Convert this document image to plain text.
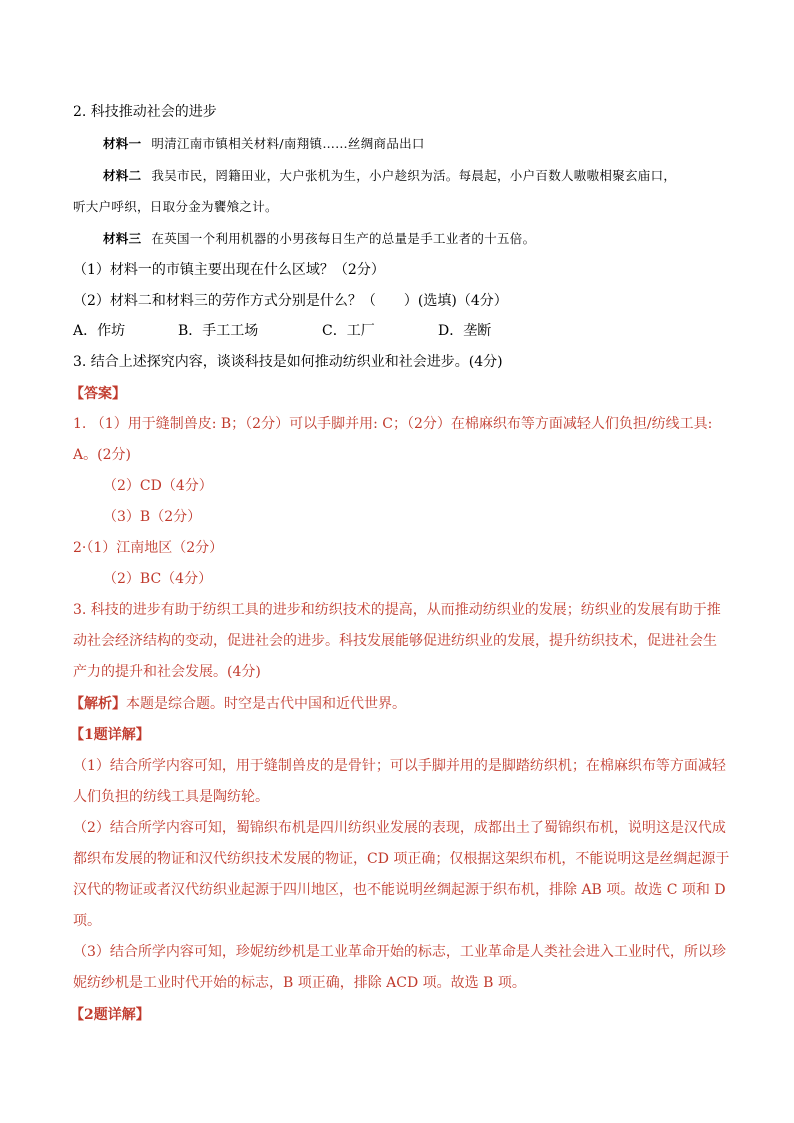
2. 科技推动社会的进步
材料一 明清江南市镇相关材料/南翔镇……丝绸商品出口
材料二 我吴市民，罔籍田业，大户张机为生，小户趁织为活。每晨起，小户百数人嗷嗷相聚玄庙口，
听大户呼织，日取分金为饔飧之计。
材料三 在英国一个利用机器的小男孩每日生产的总量是手工业者的十五倍。
（1）材料一的市镇主要出现在什么区域？（2分）
（2）材料二和材料三的劳作方式分别是什么？（　　）(选填)（4分）
A．作坊	B．手工工场	C．工厂	D．垄断
3. 结合上述探究内容，谈谈科技是如何推动纺织业和社会进步。(4分)
【答案】
1. （1）用于缝制兽皮: B；（2分）可以手脚并用: C；（2分）在棉麻织布等方面减轻人们负担/纺线工具:
A。(2分)
（2）CD（4分）
（3）B（2分）
2·（1）江南地区（2分）
（2）BC（4分）
3. 科技的进步有助于纺织工具的进步和纺织技术的提高，从而推动纺织业的发展；纺织业的发展有助于推
动社会经济结构的变动，促进社会的进步。科技发展能够促进纺织业的发展，提升纺织技术，促进社会生
产力的提升和社会发展。(4分)
【解析】本题是综合题。时空是古代中国和近代世界。
【1题详解】
（1）结合所学内容可知，用于缝制兽皮的是骨针；可以手脚并用的是脚踏纺织机；在棉麻织布等方面减轻
人们负担的纺线工具是陶纺轮。
（2）结合所学内容可知，蜀锦织布机是四川纺织业发展的表现，成都出土了蜀锦织布机，说明这是汉代成
都织布发展的物证和汉代纺织技术发展的物证，CD 项正确；仅根据这架织布机，不能说明这是丝绸起源于
汉代的物证或者汉代纺织业起源于四川地区，也不能说明丝绸起源于织布机，排除 AB 项。故选 C 项和 D
项。
（3）结合所学内容可知，珍妮纺纱机是工业革命开始的标志，工业革命是人类社会进入工业时代，所以珍
妮纺纱机是工业时代开始的标志，B 项正确，排除 ACD 项。故选 B 项。
【2题详解】
